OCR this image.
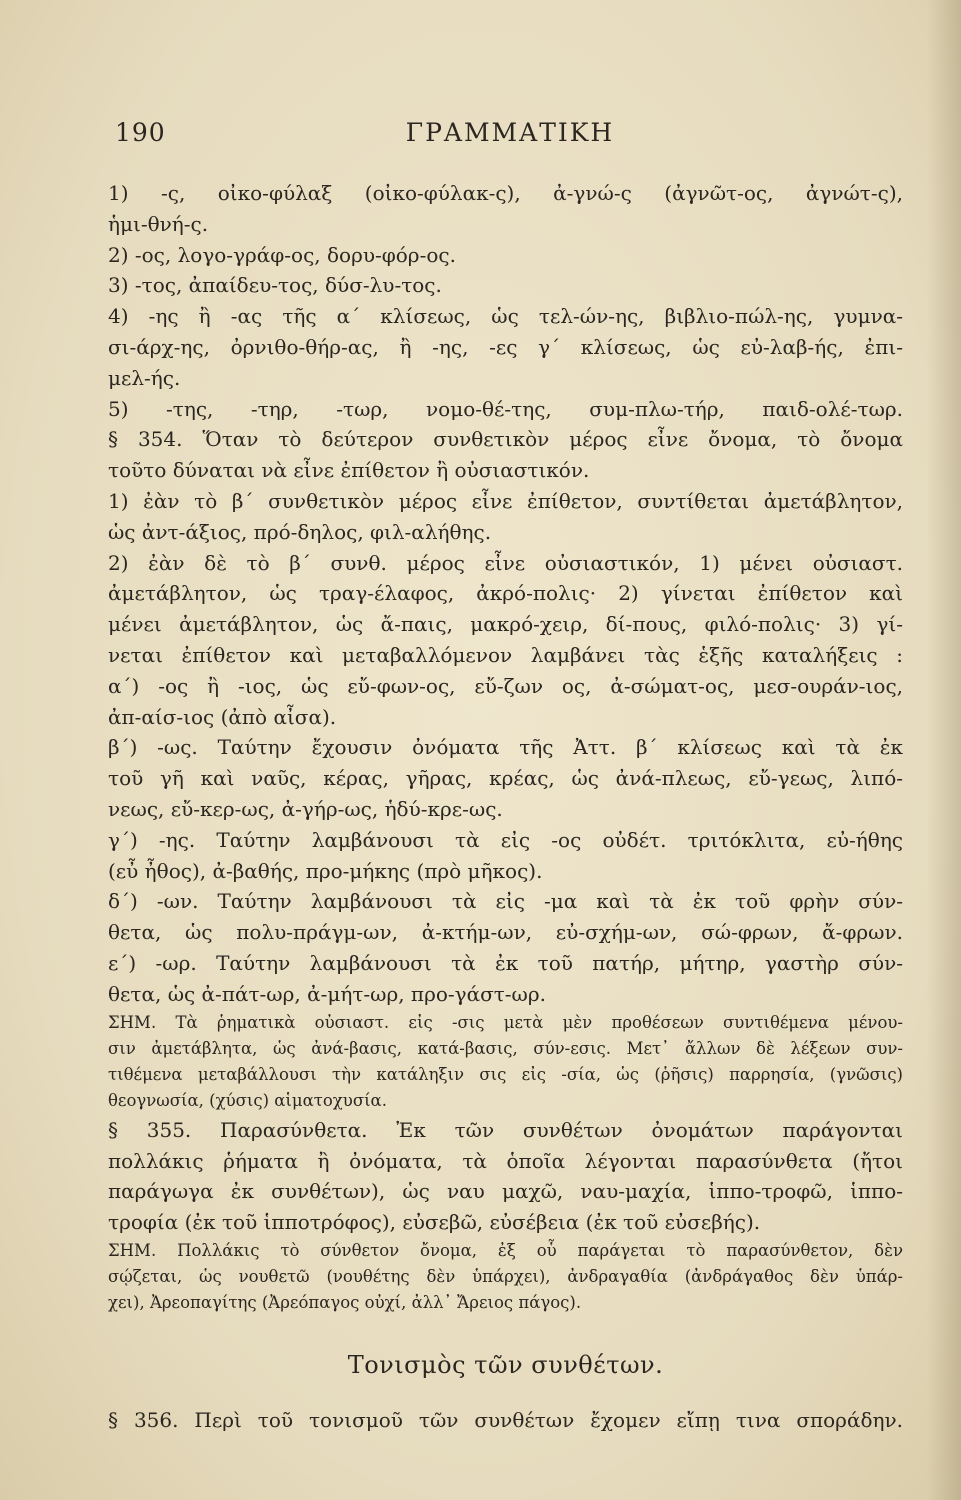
190	ΓΡΑΜΜΑΤΙΚΗ
1) -ς, οἰκο-φύλαξ (οἰκο-φύλακ-ς), ἀ-γνώ-ς (ἀγνῶτ-ος, ἀγνώτ-ς),
ἡμι-θνή-ς.
2) -ος, λογο-γράφ-ος, δορυ-φόρ-ος.
3) -τος, ἀπαίδευ-τος, δύσ-λυ-τος.
4) -ης ἢ -ας τῆς α΄ κλίσεως, ὡς τελ-ών-ης, βιβλιο-πώλ-ης, γυμνα-
σι-άρχ-ης, ὀρνιθο-θήρ-ας, ἢ -ης, -ες γ΄ κλίσεως, ὡς εὐ-λαβ-ής, ἐπι-
μελ-ής.
5) -της, -τηρ, -τωρ, νομο-θέ-της, συμ-πλω-τήρ, παιδ-ολέ-τωρ.
§ 354. Ὅταν τὸ δεύτερον συνθετικὸν μέρος εἶνε ὄνομα, τὸ ὄνομα
τοῦτο δύναται νὰ εἶνε ἐπίθετον ἢ οὐσιαστικόν.
1) ἐὰν τὸ β΄ συνθετικὸν μέρος εἶνε ἐπίθετον, συντίθεται ἀμετάβλητον,
ὡς ἀντ-άξιος, πρό-δηλος, φιλ-αλήθης.
2) ἐὰν δὲ τὸ β΄ συνθ. μέρος εἶνε οὐσιαστικόν, 1) μένει οὐσιαστ.
ἀμετάβλητον, ὡς τραγ-έλαφος, ἀκρό-πολις· 2) γίνεται ἐπίθετον καὶ
μένει ἀμετάβλητον, ὡς ἄ-παις, μακρό-χειρ, δί-πους, φιλό-πολις· 3) γί-
νεται ἐπίθετον καὶ μεταβαλλόμενον λαμβάνει τὰς ἑξῆς καταλήξεις :
α΄) -ος ἢ -ιος, ὡς εὔ-φων-ος, εὔ-ζων ος, ἀ-σώματ-ος, μεσ-ουράν-ιος,
ἀπ-αίσ-ιος (ἀπὸ αἶσα).
β΄) -ως. Ταύτην ἔχουσιν ὀνόματα τῆς Ἀττ. β΄ κλίσεως καὶ τὰ ἐκ
τοῦ γῆ καὶ ναῦς, κέρας, γῆρας, κρέας, ὡς ἀνά-πλεως, εὔ-γεως, λιπό-
νεως, εὔ-κερ-ως, ἀ-γήρ-ως, ἡδύ-κρε-ως.
γ΄) -ης. Ταύτην λαμβάνουσι τὰ εἰς -ος οὐδέτ. τριτόκλιτα, εὐ-ήθης
(εὖ ἦθος), ἀ-βαθής, προ-μήκης (πρὸ μῆκος).
δ΄) -ων. Ταύτην λαμβάνουσι τὰ εἰς -μα καὶ τὰ ἐκ τοῦ φρὴν σύν-
θετα, ὡς πολυ-πράγμ-ων, ἀ-κτήμ-ων, εὐ-σχήμ-ων, σώ-φρων, ἄ-φρων.
ε΄) -ωρ. Ταύτην λαμβάνουσι τὰ ἐκ τοῦ πατήρ, μήτηρ, γαστὴρ σύν-
θετα, ὡς ἀ-πάτ-ωρ, ἀ-μήτ-ωρ, προ-γάστ-ωρ.
ΣΗΜ. Τὰ ῥηματικὰ οὐσιαστ. εἰς -σις μετὰ μὲν προθέσεων συντιθέμενα μένου-
σιν ἀμετάβλητα, ὡς ἀνά-βασις, κατά-βασις, σύν-εσις. Μετ᾽ ἄλλων δὲ λέξεων συν-
τιθέμενα μεταβάλλουσι τὴν κατάληξιν σις εἰς -σία, ὡς (ῥῆσις) παρρησία, (γνῶσις)
θεογνωσία, (χύσις) αἱματοχυσία.
§ 355. Παρασύνθετα. Ἐκ τῶν συνθέτων ὀνομάτων παράγονται
πολλάκις ῥήματα ἢ ὀνόματα, τὰ ὁποῖα λέγονται παρασύνθετα (ἤτοι
παράγωγα ἐκ συνθέτων), ὡς ναυ μαχῶ, ναυ-μαχία, ἱππο-τροφῶ, ἱππο-
τροφία (ἐκ τοῦ ἱπποτρόφος), εὐσεβῶ, εὐσέβεια (ἐκ τοῦ εὐσεβής).
ΣΗΜ. Πολλάκις τὸ σύνθετον ὄνομα, ἐξ οὗ παράγεται τὸ παρασύνθετον, δὲν
σῴζεται, ὡς νουθετῶ (νουθέτης δὲν ὑπάρχει), ἀνδραγαθία (ἀνδράγαθος δὲν ὑπάρ-
χει), Ἀρεοπαγίτης (Ἀρεόπαγος οὐχί, ἀλλ᾽ Ἄρειος πάγος).
Τονισμὸς τῶν συνθέτων.
§ 356. Περὶ τοῦ τονισμοῦ τῶν συνθέτων ἔχομεν εἴπῃ τινα σποράδην.
